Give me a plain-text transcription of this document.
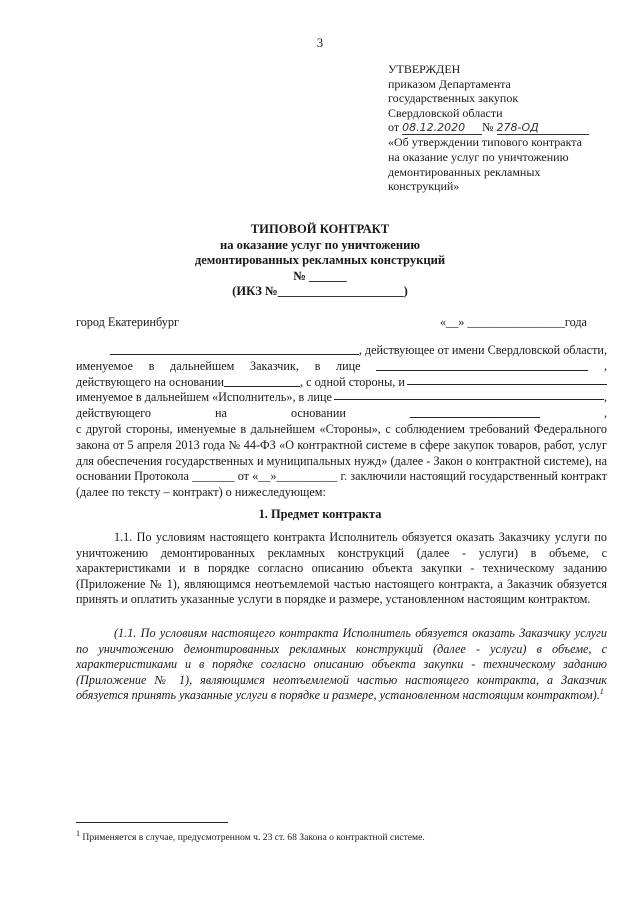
3
УТВЕРЖДЕН
приказом Департамента
государственных закупок
Свердловской области
от 08.12.2020 № 278-ОД
«Об утверждении типового контракта
на оказание услуг по уничтожению
демонтированных рекламных
конструкций»
ТИПОВОЙ КОНТРАКТ
на оказание услуг по уничтожению
демонтированных рекламных конструкций
№ ______
(ИКЗ №____________________)
город Екатеринбург	«__» ________________года
, действующее от имени Свердловской области,
именуемое в дальнейшем Заказчик, в лице	,
действующего на основании	, с одной стороны, и
именуемое в дальнейшем «Исполнитель», в лице	,
действующего	на	основании	,
с другой стороны, именуемые в дальнейшем «Стороны», с соблюдением требований Федерального закона от 5 апреля 2013 года № 44-ФЗ «О контрактной системе в сфере закупок товаров, работ, услуг для обеспечения государственных и муниципальных нужд» (далее - Закон о контрактной системе), на основании Протокола _______ от «__»__________ г. заключили настоящий государственный контракт (далее по тексту – контракт) о нижеследующем:
1. Предмет контракта
1.1. По условиям настоящего контракта Исполнитель обязуется оказать Заказчику услуги по уничтожению демонтированных рекламных конструкций (далее - услуги) в объеме, с характеристиками и в порядке согласно описанию объекта закупки - техническому заданию (Приложение № 1), являющимся неотъемлемой частью настоящего контракта, а Заказчик обязуется принять и оплатить указанные услуги в порядке и размере, установленном настоящим контрактом.
(1.1. По условиям настоящего контракта Исполнитель обязуется оказать Заказчику услуги по уничтожению демонтированных рекламных конструкций (далее - услуги) в объеме, с характеристиками и в порядке согласно описанию объекта закупки - техническому заданию (Приложение № 1), являющимся неотъемлемой частью настоящего контракта, а Заказчик обязуется принять указанные услуги в порядке и размере, установленном настоящим контрактом).$^1$
$^1$ Применяется в случае, предусмотренном ч. 23 ст. 68 Закона о контрактной системе.
